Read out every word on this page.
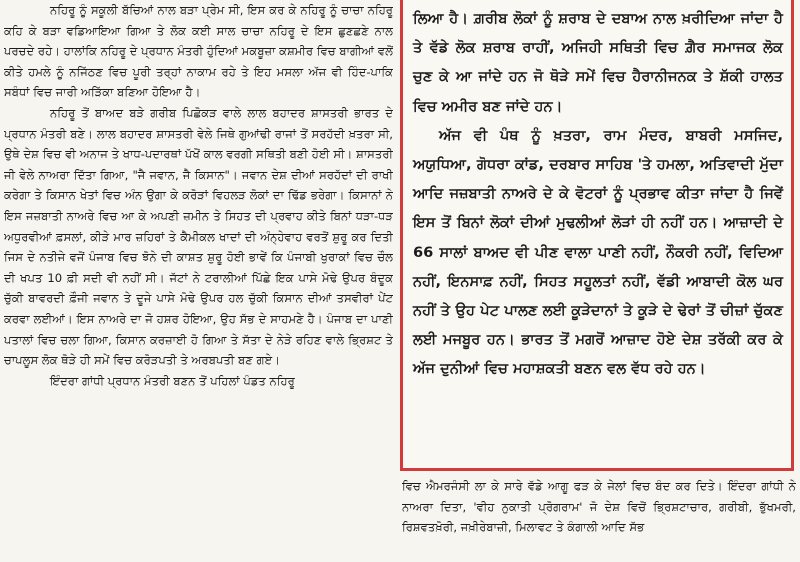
ਨਹਿਰੂ ਨੂੰ ਸਕੂਲੀ ਬੱਚਿਆਂ ਨਾਲ ਬੜਾ ਪ੍ਰੇਮ ਸੀ, ਇਸ ਕਰ ਕੇ ਨਹਿਰੂ ਨੂੰ ਚਾਚਾ ਨਹਿਰੂ ਕਹਿ ਕੇ ਬੜਾ ਵਡਿਆਇਆ ਗਿਆ ਤੇ ਲੋਕ ਕਈ ਸਾਲ ਚਾਚਾ ਨਹਿਰੂ ਦੇ ਇਸ ਛੁਣਛਣੇ ਨਾਲ ਪਰਚਦੇ ਰਹੇ। ਹਾਲਾਂਕਿ ਨਹਿਰੂ ਦੇ ਪ੍ਰਧਾਨ ਮੰਤਰੀ ਹੁੰਦਿਆਂ ਮਕਬੂਜ਼ਾ ਕਸ਼ਮੀਰ ਵਿਚ ਬਾਗੀਆਂ ਵਲੋਂ ਕੀਤੇ ਹਮਲੇ ਨੂੰ ਨਜਿੱਠਣ ਵਿਚ ਪੂਰੀ ਤਰ੍ਹਾਂ ਨਾਕਾਮ ਰਹੇ ਤੇ ਇਹ ਮਸਲਾ ਅੱਜ ਵੀ ਹਿੰਦ-ਪਾਕਿ ਸਬੰਧਾਂ ਵਿਚ ਜਾਰੀ ਅੜਿੱਕਾ ਬਣਿਆ ਹੋਇਆ ਹੈ।

ਨਹਿਰੂ ਤੋਂ ਬਾਅਦ ਬੜੇ ਗਰੀਬ ਪਿਛੋਕੜ ਵਾਲੇ ਲਾਲ ਬਹਾਦਰ ਸ਼ਾਸਤਰੀ ਭਾਰਤ ਦੇ ਪ੍ਰਧਾਨ ਮੰਤਰੀ ਬਣੇ। ਲਾਲ ਬਹਾਦਰ ਸ਼ਾਸਤਰੀ ਵੇਲੇ ਜਿਥੇ ਗੁਆਂਢੀ ਰਾਜਾਂ ਤੋਂ ਸਰਹੱਦੀ ਖ਼ਤਰਾ ਸੀ, ਉਥੇ ਦੇਸ਼ ਵਿਚ ਵੀ ਅਨਾਜ ਤੇ ਖਾਧ-ਪਦਾਰਥਾਂ ਪੱਖੋਂ ਕਾਲ ਵਰਗੀ ਸਥਿਤੀ ਬਣੀ ਹੋਈ ਸੀ। ਸ਼ਾਸਤਰੀ ਜੀ ਵੇਲੇ ਨਾਅਰਾ ਦਿੱਤਾ ਗਿਆ, "ਜੈ ਜਵਾਨ, ਜੈ ਕਿਸਾਨ"। ਜਵਾਨ ਦੇਸ਼ ਦੀਆਂ ਸਰਹੱਦਾਂ ਦੀ ਰਾਖੀ ਕਰੇਗਾ ਤੇ ਕਿਸਾਨ ਖੇਤਾਂ ਵਿਚ ਅੰਨ ਉਗਾ ਕੇ ਕਰੋੜਾਂ ਵਿਹਲੜ ਲੋਕਾਂ ਦਾ ਢਿੱਡ ਭਰੇਗਾ। ਕਿਸਾਨਾਂ ਨੇ ਇਸ ਜਜ਼ਬਾਤੀ ਨਾਅਰੇ ਵਿਚ ਆ ਕੇ ਅਪਣੀ ਜ਼ਮੀਨ ਤੇ ਸਿਹਤ ਦੀ ਪ੍ਰਵਾਹ ਕੀਤੇ ਬਿਨਾਂ ਧੜਾ-ਧੜ ਅਧੁਰਵੀਆਂ ਫ਼ਸਲਾਂ, ਕੀੜੇ ਮਾਰ ਜ਼ਹਿਰਾਂ ਤੇ ਕੈਮੀਕਲ ਖਾਦਾਂ ਦੀ ਅੰਨ੍ਹੇਵਾਹ ਵਰਤੋਂ ਸ਼ੁਰੂ ਕਰ ਦਿਤੀ ਜਿਸ ਦੇ ਨਤੀਜੇ ਵਜੋਂ ਪੰਜਾਬ ਵਿਚ ਝੋਨੇ ਦੀ ਕਾਸ਼ਤ ਸ਼ੁਰੂ ਹੋਈ ਭਾਵੇਂ ਕਿ ਪੰਜਾਬੀ ਖੁਰਾਕਾਂ ਵਿਚ ਚੌਲ ਦੀ ਖਪਤ 10 ਫ਼ੀ ਸਦੀ ਵੀ ਨਹੀਂ ਸੀ। ਜੱਟਾਂ ਨੇ ਟਰਾਲੀਆਂ ਪਿੱਛੇ ਇਕ ਪਾਸੇ ਮੋਢੇ ਉਪਰ ਬੰਦੂਕ ਚੁੱਕੀ ਬਾਵਰਦੀ ਫ਼ੌਜੀ ਜਵਾਨ ਤੇ ਦੂਜੇ ਪਾਸੇ ਮੋਢੇ ਉਪਰ ਹਲ ਚੁੱਕੀ ਕਿਸਾਨ ਦੀਆਂ ਤਸਵੀਰਾਂ ਪੇਂਟ ਕਰਵਾ ਲਈਆਂ। ਇਸ ਨਾਅਰੇ ਦਾ ਜੋ ਹਸ਼ਰ ਹੋਇਆ, ਉਹ ਸੱਭ ਦੇ ਸਾਹਮਣੇ ਹੈ। ਪੰਜਾਬ ਦਾ ਪਾਣੀ ਪਤਾਲਾਂ ਵਿਚ ਚਲਾ ਗਿਆ, ਕਿਸਾਨ ਕਰਜ਼ਾਈ ਹੋ ਗਿਆ ਤੇ ਸੱਤਾ ਦੇ ਨੇੜੇ ਰਹਿਣ ਵਾਲੇ ਭ੍ਰਿਸ਼ਟ ਤੇ ਚਾਪਲੂਸ ਲੋਕ ਥੋੜੇ ਹੀ ਸਮੇਂ ਵਿਚ ਕਰੋੜਪਤੀ ਤੇ ਅਰਬਪਤੀ ਬਣ ਗਏ।

ਇੰਦਰਾ ਗਾਂਧੀ ਪ੍ਰਧਾਨ ਮੰਤਰੀ ਬਣਨ ਤੋਂ ਪਹਿਲਾਂ ਪੰਡਤ ਨਹਿਰੂ

ਲਿਆ ਹੈ। ਗ਼ਰੀਬ ਲੋਕਾਂ ਨੂੰ ਸ਼ਰਾਬ ਦੇ ਦਬਾਅ ਨਾਲ ਖ਼ਰੀਦਿਆ ਜਾਂਦਾ ਹੈ ਤੇ ਵੱਡੇ ਲੋਕ ਸ਼ਰਾਬ ਰਾਹੀਂ, ਅਜਿਹੀ ਸਥਿਤੀ ਵਿਚ ਗ਼ੈਰ ਸਮਾਜਕ ਲੋਕ ਚੁਣ ਕੇ ਆ ਜਾਂਦੇ ਹਨ ਜੋ ਥੋੜੇ ਸਮੇਂ ਵਿਚ ਹੈਰਾਨੀਜਨਕ ਤੇ ਸ਼ੱਕੀ ਹਾਲਤ ਵਿਚ ਅਮੀਰ ਬਣ ਜਾਂਦੇ ਹਨ।

ਅੱਜ ਵੀ ਪੰਥ ਨੂੰ ਖ਼ਤਰਾ, ਰਾਮ ਮੰਦਰ, ਬਾਬਰੀ ਮਸਜਿਦ, ਅਯੁਧਿਆ, ਗੋਧਰਾ ਕਾਂਡ, ਦਰਬਾਰ ਸਾਹਿਬ 'ਤੇ ਹਮਲਾ, ਅਤਿਵਾਦੀ ਮੁੱਦਾ ਆਦਿ ਜਜ਼ਬਾਤੀ ਨਾਅਰੇ ਦੇ ਕੇ ਵੋਟਰਾਂ ਨੂੰ ਪ੍ਰਭਾਵ ਕੀਤਾ ਜਾਂਦਾ ਹੈ ਜਿਵੇਂ ਇਸ ਤੋਂ ਬਿਨਾਂ ਲੋਕਾਂ ਦੀਆਂ ਮੁਢਲੀਆਂ ਲੋੜਾਂ ਹੀ ਨਹੀਂ ਹਨ। ਆਜ਼ਾਦੀ ਦੇ 66 ਸਾਲਾਂ ਬਾਅਦ ਵੀ ਪੀਣ ਵਾਲਾ ਪਾਣੀ ਨਹੀਂ, ਨੌਕਰੀ ਨਹੀਂ, ਵਿਦਿਆ ਨਹੀਂ, ਇਨਸਾਫ਼ ਨਹੀਂ, ਸਿਹਤ ਸਹੂਲਤਾਂ ਨਹੀਂ, ਵੱਡੀ ਆਬਾਦੀ ਕੋਲ ਘਰ ਨਹੀਂ ਤੇ ਉਹ ਪੇਟ ਪਾਲਣ ਲਈ ਕੂੜੇਦਾਨਾਂ ਤੇ ਕੂੜੇ ਦੇ ਢੇਰਾਂ ਤੋਂ ਚੀਜ਼ਾਂ ਚੁੱਕਣ ਲਈ ਮਜਬੂਰ ਹਨ। ਭਾਰਤ ਤੋਂ ਮਗਰੋਂ ਆਜ਼ਾਦ ਹੋਏ ਦੇਸ਼ ਤਰੱਕੀ ਕਰ ਕੇ ਅੱਜ ਦੁਨੀਆਂ ਵਿਚ ਮਹਾਸ਼ਕਤੀ ਬਣਨ ਵਲ ਵੱਧ ਰਹੇ ਹਨ।

ਵਿਚ ਐਮਰਜੰਸੀ ਲਾ ਕੇ ਸਾਰੇ ਵੱਡੇ ਆਗੂ ਫੜ ਕੇ ਜੇਲਾਂ ਵਿਚ ਬੰਦ ਕਰ ਦਿਤੇ। ਇੰਦਰਾ ਗਾਂਧੀ ਨੇ ਨਾਅਰਾ ਦਿਤਾ, 'ਵੀਹ ਨੁਕਾਤੀ ਪ੍ਰੋਗਰਾਮ' ਜੋ ਦੇਸ਼ ਵਿਚੋਂ ਭ੍ਰਿਸ਼ਟਾਚਾਰ, ਗਰੀਬੀ, ਭੁੱਖਮਰੀ, ਰਿਸ਼ਵਤਖ਼ੋਰੀ, ਜਖ਼ੀਰੇਬਾਜ਼ੀ, ਮਿਲਾਵਟ ਤੇ ਕੰਗਾਲੀ ਆਦਿ ਸੱਭ
